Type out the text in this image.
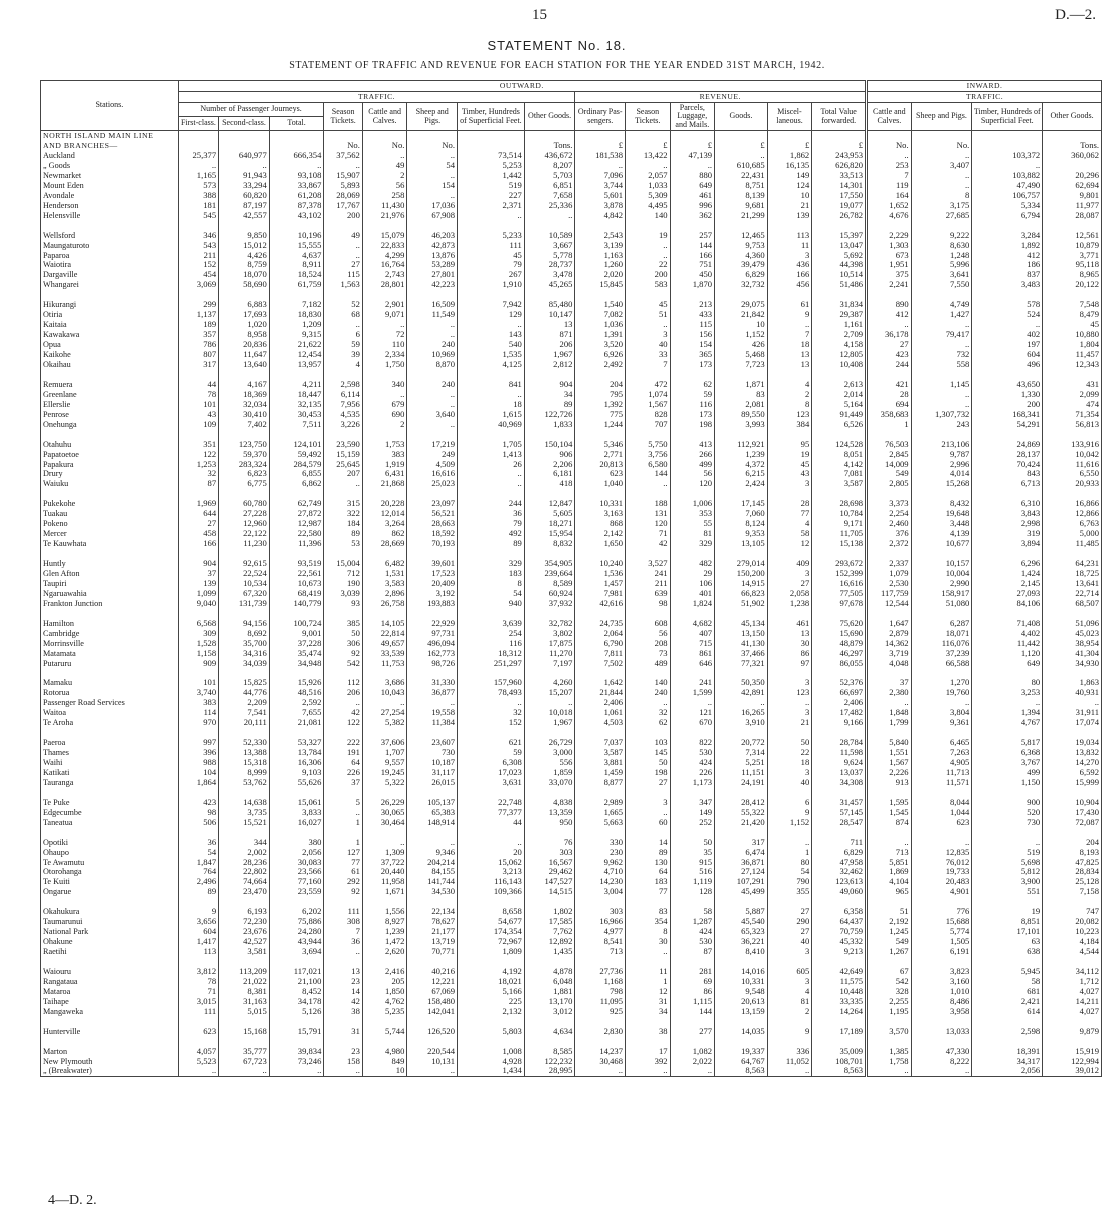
15	D.—2.
STATEMENT No. 18.
STATEMENT OF TRAFFIC AND REVENUE FOR EACH STATION FOR THE YEAR ENDED 31ST MARCH, 1942.
Stations.	OUTWARD.														INWARD.			
	TRAFFIC.								REVENUE.						TRAFFIC.			
	Number of Passenger Journeys.			Season Tickets.	Cattle and Calves.	Sheep and Pigs.	Timber, Hundreds of Superficial Feet.	Other Goods.	Ordinary Pas-sengers.	Season Tickets.	Parcels, Luggage, and Mails.	Goods.	Miscel-laneous.	Total Value forwarded.	Cattle and Calves.	Sheep and Pigs.	Timber, Hundreds of Superficial Feet.	Other Goods.
	First-class.	Second-class.	Total.															
NORTH ISLAND MAIN LINE																		
AND BRANCHES—				No.	No.	No.		Tons.	£	£	£	£	£	£	No.	No.		Tons.
Auckland	25,377	640,977	666,354	37,562	..	..	73,514	436,672	181,538	13,422	47,139	..	1,862	243,953	..	..	103,372	360,062
„ Goods	..	..	..	..	49	54	5,253	8,207	..	..	..	610,685	16,135	626,820	253	3,407	..	
Newmarket	1,165	91,943	93,108	15,907	2	..	1,442	5,703	7,096	2,057	880	22,431	149	33,513	7	..	103,882	20,296
Mount Eden	573	33,294	33,867	5,893	56	154	519	6,851	3,744	1,033	649	8,751	124	14,301	119	..	47,490	62,694
Avondale	388	60,820	61,208	28,069	258	..	227	7,658	5,601	5,309	461	8,139	10	17,550	164	8	106,757	9,801
Henderson	181	87,197	87,378	17,767	11,430	17,036	2,371	25,336	3,878	4,495	996	9,681	21	19,077	1,652	3,175	5,334	11,977
Helensville	545	42,557	43,102	200	21,976	67,908	..	..	4,842	140	362	21,299	139	26,782	4,676	27,685	6,794	28,087

Wellsford	346	9,850	10,196	49	15,079	46,203	5,233	10,589	2,543	19	257	12,465	113	15,397	2,229	9,222	3,284	12,561
Maungaturoto	543	15,012	15,555	..	22,833	42,873	111	3,667	3,139	..	144	9,753	11	13,047	1,303	8,630	1,892	10,879
Paparoa	211	4,426	4,637	..	4,299	13,876	45	5,778	1,163	..	166	4,360	3	5,692	673	1,248	412	3,771
Waiotira	152	8,759	8,911	27	16,764	53,289	79	28,737	1,260	22	751	39,479	436	44,398	1,951	5,996	186	95,118
Dargaville	454	18,070	18,524	115	2,743	27,801	267	3,478	2,020	200	450	6,829	166	10,514	375	3,641	837	8,965
Whangarei	3,069	58,690	61,759	1,563	28,801	42,223	1,910	45,265	15,845	583	1,870	32,732	456	51,486	2,241	7,550	3,483	20,122

Hikurangi	299	6,883	7,182	52	2,901	16,509	7,942	85,480	1,540	45	213	29,075	61	31,834	890	4,749	578	7,548
Otiria	1,137	17,693	18,830	68	9,071	11,549	129	10,147	7,082	51	433	21,842	9	29,387	412	1,427	524	8,479
Kaitaia	189	1,020	1,209	..	..	..	..	13	1,036	..	115	10	..	1,161	..	..	..	45
Kawakawa	357	8,958	9,315	6	72	..	143	871	1,391	3	156	1,152	7	2,709	36,178	79,417	402	10,880
Opua	786	20,836	21,622	59	110	240	540	206	3,520	40	154	426	18	4,158	27	..	197	1,804
Kaikohe	807	11,647	12,454	39	2,334	10,969	1,535	1,967	6,926	33	365	5,468	13	12,805	423	732	604	11,457
Okaihau	317	13,640	13,957	4	1,750	8,870	4,125	2,812	2,492	7	173	7,723	13	10,408	244	558	496	12,343

Remuera	44	4,167	4,211	2,598	340	240	841	904	204	472	62	1,871	4	2,613	421	1,145	43,650	431
Greenlane	78	18,369	18,447	6,114	..	..	..	34	795	1,074	59	83	2	2,014	28	..	1,330	2,099
Ellerslie	101	32,034	32,135	7,956	679	..	18	89	1,392	1,567	116	2,081	8	5,164	694	..	200	474
Penrose	43	30,410	30,453	4,535	690	3,640	1,615	122,726	775	828	173	89,550	123	91,449	358,683	1,307,732	168,341	71,354
Onehunga	109	7,402	7,511	3,226	2	..	40,969	1,833	1,244	707	198	3,993	384	6,526	1	243	54,291	56,813

Otahuhu	351	123,750	124,101	23,590	1,753	17,219	1,705	150,104	5,346	5,750	413	112,921	95	124,528	76,503	213,106	24,869	133,916
Papatoetoe	122	59,370	59,492	15,159	383	249	1,413	906	2,771	3,756	266	1,239	19	8,051	2,845	9,787	28,137	10,042
Papakura	1,253	283,324	284,579	25,645	1,919	4,509	26	2,206	20,813	6,580	499	4,372	45	4,142	14,009	2,996	70,424	11,616
Drury	32	6,823	6,855	207	6,431	16,616	..	6,181	623	144	56	6,215	43	7,081	549	4,014	843	6,550
Waiuku	87	6,775	6,862	..	21,868	25,023	..	418	1,040	..	120	2,424	3	3,587	2,805	15,268	6,713	20,933

Pukekohe	1,969	60,780	62,749	315	20,228	23,097	244	12,847	10,331	188	1,006	17,145	28	28,698	3,373	8,432	6,310	16,866
Tuakau	644	27,228	27,872	322	12,014	56,521	36	5,605	3,163	131	353	7,060	77	10,784	2,254	19,648	3,843	12,866
Pokeno	27	12,960	12,987	184	3,264	28,663	79	18,271	868	120	55	8,124	4	9,171	2,460	3,448	2,998	6,763
Mercer	458	22,122	22,580	89	862	18,592	492	15,954	2,142	71	81	9,353	58	11,705	376	4,139	319	5,000
Te Kauwhata	166	11,230	11,396	53	28,669	70,193	89	8,832	1,650	42	329	13,105	12	15,138	2,372	10,677	3,894	11,485

Huntly	904	92,615	93,519	15,004	6,482	39,601	329	354,905	10,240	3,527	482	279,014	409	293,672	2,337	10,157	6,296	64,231
Glen Afton	37	22,524	22,561	712	1,531	17,523	183	239,664	1,536	241	29	150,200	3	152,399	1,079	10,004	1,424	18,725
Taupiri	139	10,534	10,673	190	3,583	20,409	8	8,589	1,457	211	106	14,915	27	16,616	2,530	2,990	2,145	13,641
Ngaruawahia	1,099	67,320	68,419	3,039	2,896	3,192	54	60,924	7,981	639	401	66,823	2,058	77,505	117,759	158,917	27,093	22,714
Frankton Junction	9,040	131,739	140,779	93	26,758	193,883	940	37,932	42,616	98	1,824	51,902	1,238	97,678	12,544	51,080	84,106	68,507

Hamilton	6,568	94,156	100,724	385	14,105	22,929	3,639	32,782	24,735	608	4,682	45,134	461	75,620	1,647	6,287	71,408	51,096
Cambridge	309	8,692	9,001	50	22,814	97,731	254	3,802	2,064	56	407	13,150	13	15,690	2,879	18,071	4,402	45,023
Morrinsville	1,528	35,700	37,228	306	49,657	496,094	116	17,875	6,790	208	715	41,130	30	48,879	14,362	116,076	11,442	38,954
Matamata	1,158	34,316	35,474	92	33,539	162,773	18,312	11,270	7,811	73	861	37,466	86	46,297	3,719	37,239	1,120	41,304
Putaruru	909	34,039	34,948	542	11,753	98,726	251,297	7,197	7,502	489	646	77,321	97	86,055	4,048	66,588	649	34,930

Mamaku	101	15,825	15,926	112	3,686	31,330	157,960	4,260	1,642	140	241	50,350	3	52,376	37	1,270	80	1,863
Rotorua	3,740	44,776	48,516	206	10,043	36,877	78,493	15,207	21,844	240	1,599	42,891	123	66,697	2,380	19,760	3,253	40,931
Passenger Road Services	383	2,209	2,592	..	..	..	..	..	2,406	..	..	..	..	2,406	..	..	..	..
Waitoa	114	7,541	7,655	42	27,254	19,558	32	10,018	1,061	32	121	16,265	3	17,482	1,848	3,804	1,394	31,911
Te Aroha	970	20,111	21,081	122	5,382	11,384	152	1,967	4,503	62	670	3,910	21	9,166	1,799	9,361	4,767	17,074

Paeroa	997	52,330	53,327	222	37,606	23,607	621	26,729	7,037	103	822	20,772	50	28,784	5,840	6,465	5,817	19,034
Thames	396	13,388	13,784	191	1,707	730	59	3,000	3,587	145	530	7,314	22	11,598	1,551	7,263	6,368	13,832
Waihi	988	15,318	16,306	64	9,557	10,187	6,308	556	3,881	50	424	5,251	18	9,624	1,567	4,905	3,767	14,270
Katikati	104	8,999	9,103	226	19,245	31,117	17,023	1,859	1,459	198	226	11,151	3	13,037	2,226	11,713	499	6,592
Tauranga	1,864	53,762	55,626	37	5,322	26,015	3,631	33,070	8,877	27	1,173	24,191	40	34,308	913	11,571	1,150	15,999

Te Puke	423	14,638	15,061	5	26,229	105,137	22,748	4,838	2,989	3	347	28,412	6	31,457	1,595	8,044	900	10,904
Edgecumbe	98	3,735	3,833	..	30,065	65,383	77,377	13,359	1,665	..	149	55,322	9	57,145	1,545	1,044	520	17,430
Taneatua	506	15,521	16,027	1	30,464	148,914	44	950	5,663	60	252	21,420	1,152	28,547	874	623	730	72,087

Opotiki	36	344	380	1	..	..	..	76	330	14	50	317	..	711	..	..	..	204
Ohaupo	54	2,002	2,056	127	1,309	9,346	20	303	230	89	35	6,474	1	6,829	713	12,835	519	8,193
Te Awamutu	1,847	28,236	30,083	77	37,722	204,214	15,062	16,567	9,962	130	915	36,871	80	47,958	5,851	76,012	5,698	47,825
Otorohanga	764	22,802	23,566	61	20,440	84,155	3,213	29,462	4,710	64	516	27,124	54	32,462	1,869	19,733	5,812	28,834
Te Kuiti	2,496	74,664	77,160	292	11,958	141,744	116,143	147,527	14,230	183	1,119	107,291	790	123,613	4,104	20,483	3,900	25,128
Ongarue	89	23,470	23,559	92	1,671	34,530	109,366	14,515	3,004	77	128	45,499	355	49,060	965	4,901	551	7,158

Okahukura	9	6,193	6,202	111	1,556	22,134	8,658	1,802	303	83	58	5,887	27	6,358	51	776	19	747
Taumarunui	3,656	72,230	75,886	308	8,927	78,627	54,677	17,585	16,966	354	1,287	45,540	290	64,437	2,192	15,688	8,851	20,082
National Park	604	23,676	24,280	7	1,239	21,177	174,354	7,762	4,977	8	424	65,323	27	70,759	1,245	5,774	17,101	10,223
Ohakune	1,417	42,527	43,944	36	1,472	13,719	72,967	12,892	8,541	30	530	36,221	40	45,332	549	1,505	63	4,184
Raetihi	113	3,581	3,694	..	2,620	70,771	1,809	1,435	713	..	87	8,410	3	9,213	1,267	6,191	638	4,544

Waiouru	3,812	113,209	117,021	13	2,416	40,216	4,192	4,878	27,736	11	281	14,016	605	42,649	67	3,823	5,945	34,112
Rangataua	78	21,022	21,100	23	205	12,221	18,021	6,048	1,168	1	69	10,331	3	11,575	542	3,160	58	1,712
Mataroa	71	8,381	8,452	14	1,850	67,069	5,166	1,881	798	12	86	9,548	4	10,448	328	1,010	681	4,027
Taihape	3,015	31,163	34,178	42	4,762	158,480	225	13,170	11,095	31	1,115	20,613	81	33,335	2,255	8,486	2,421	14,211
Mangaweka	111	5,015	5,126	38	5,235	142,041	2,132	3,012	925	34	144	13,159	2	14,264	1,195	3,958	614	4,027

Hunterville	623	15,168	15,791	31	5,744	126,520	5,803	4,634	2,830	38	277	14,035	9	17,189	3,570	13,033	2,598	9,879

Marton	4,057	35,777	39,834	23	4,980	220,544	1,008	8,585	14,237	17	1,082	19,337	336	35,009	1,385	47,330	18,391	15,919
New Plymouth	5,523	67,723	73,246	158	849	10,131	4,928	122,232	30,468	392	2,022	64,767	11,052	108,701	1,758	8,222	34,317	122,994
„ (Breakwater)	..	..	..	..	10	..	1,434	28,995	..	..	..	8,563	..	8,563	..	..	2,056	39,012
4—D. 2.
